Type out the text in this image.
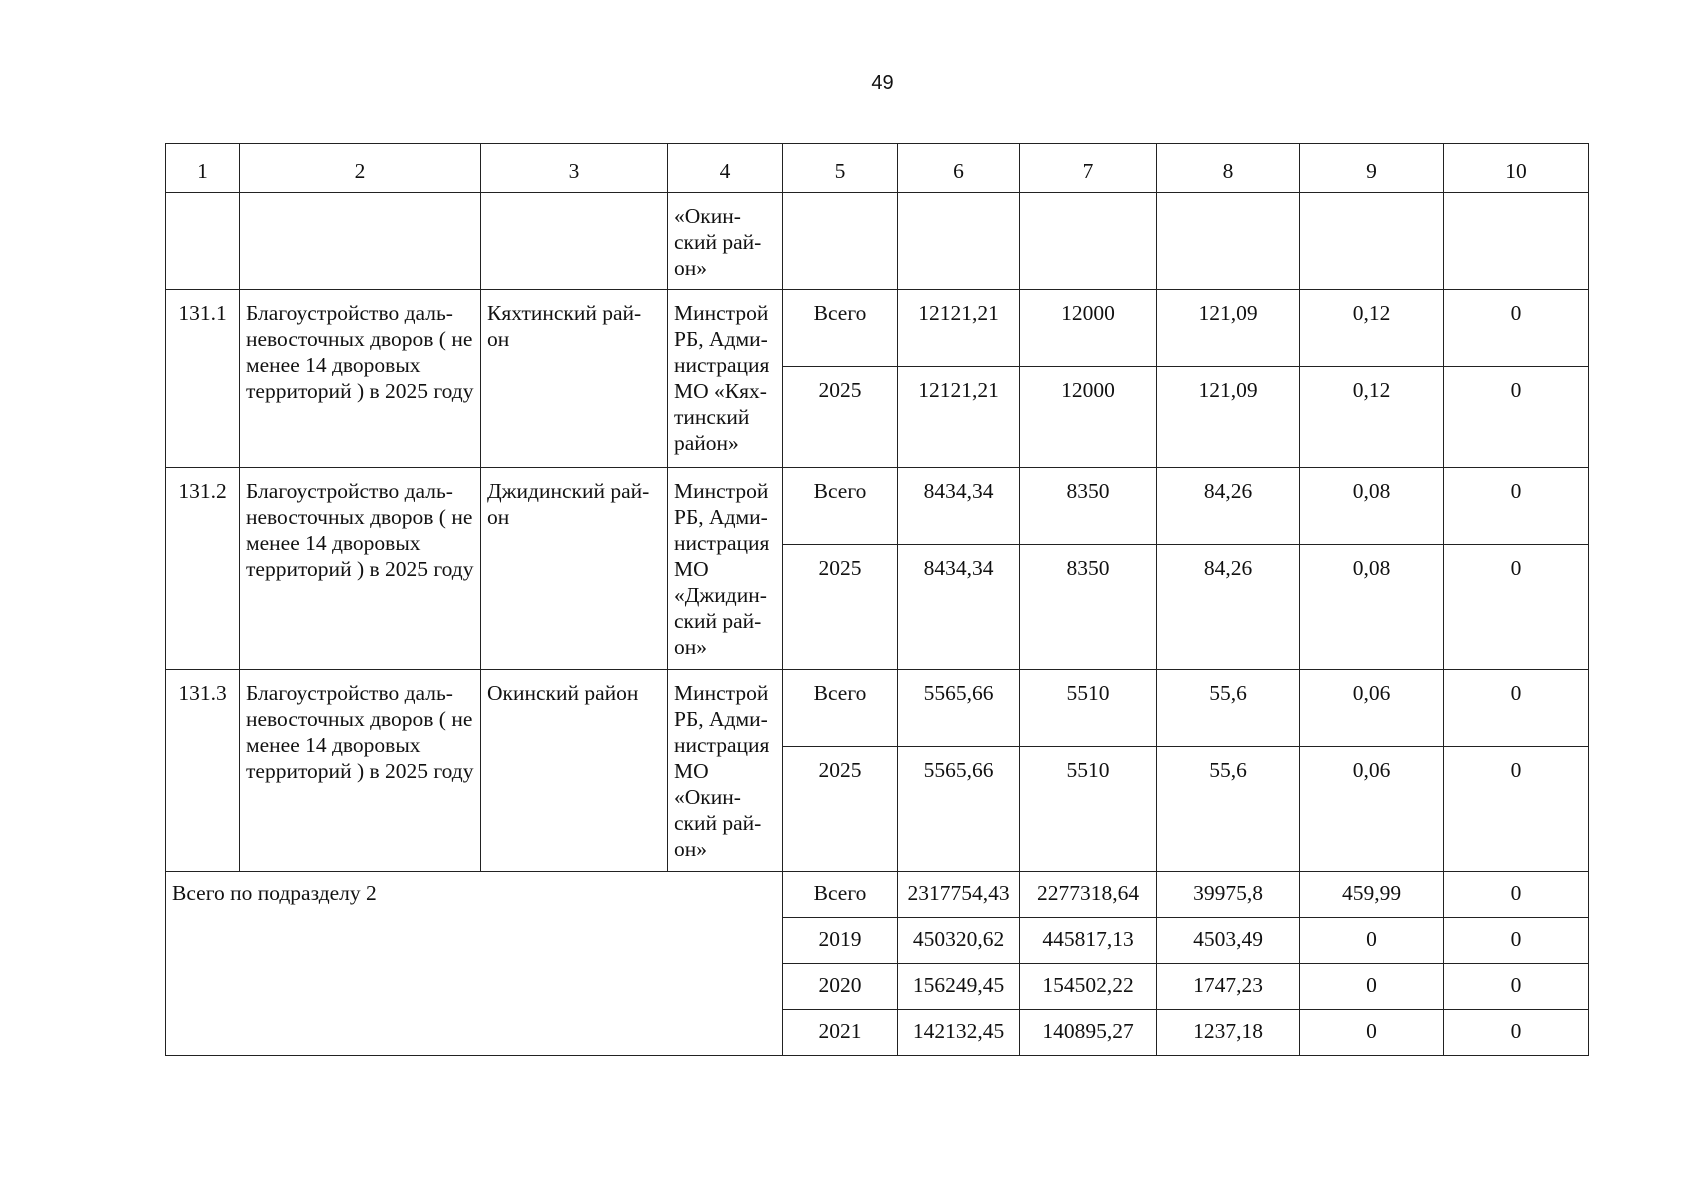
49
1	2	3	4	5	6	7	8	9	10
			«Окин-ский рай-он»						
131.1	Благоустройство даль-невосточных дворов ( не менее 14 дворовых территорий ) в 2025 году	Кяхтинский рай-он	Минстрой РБ, Адми-нистрация МО «Кях-тинский район»	Всего	12121,21	12000	121,09	0,12	0
				2025	12121,21	12000	121,09	0,12	0
131.2	Благоустройство даль-невосточных дворов ( не менее 14 дворовых территорий ) в 2025 году	Джидинский рай-он	Минстрой РБ, Адми-нистрация МО «Джидин-ский рай-он»	Всего	8434,34	8350	84,26	0,08	0
				2025	8434,34	8350	84,26	0,08	0
131.3	Благоустройство даль-невосточных дворов ( не менее 14 дворовых территорий ) в 2025 году	Окинский район	Минстрой РБ, Адми-нистрация МО «Окин-ский рай-он»	Всего	5565,66	5510	55,6	0,06	0
				2025	5565,66	5510	55,6	0,06	0
Всего по подразделу 2				Всего	2317754,43	2277318,64	39975,8	459,99	0
				2019	450320,62	445817,13	4503,49	0	0
				2020	156249,45	154502,22	1747,23	0	0
				2021	142132,45	140895,27	1237,18	0	0
